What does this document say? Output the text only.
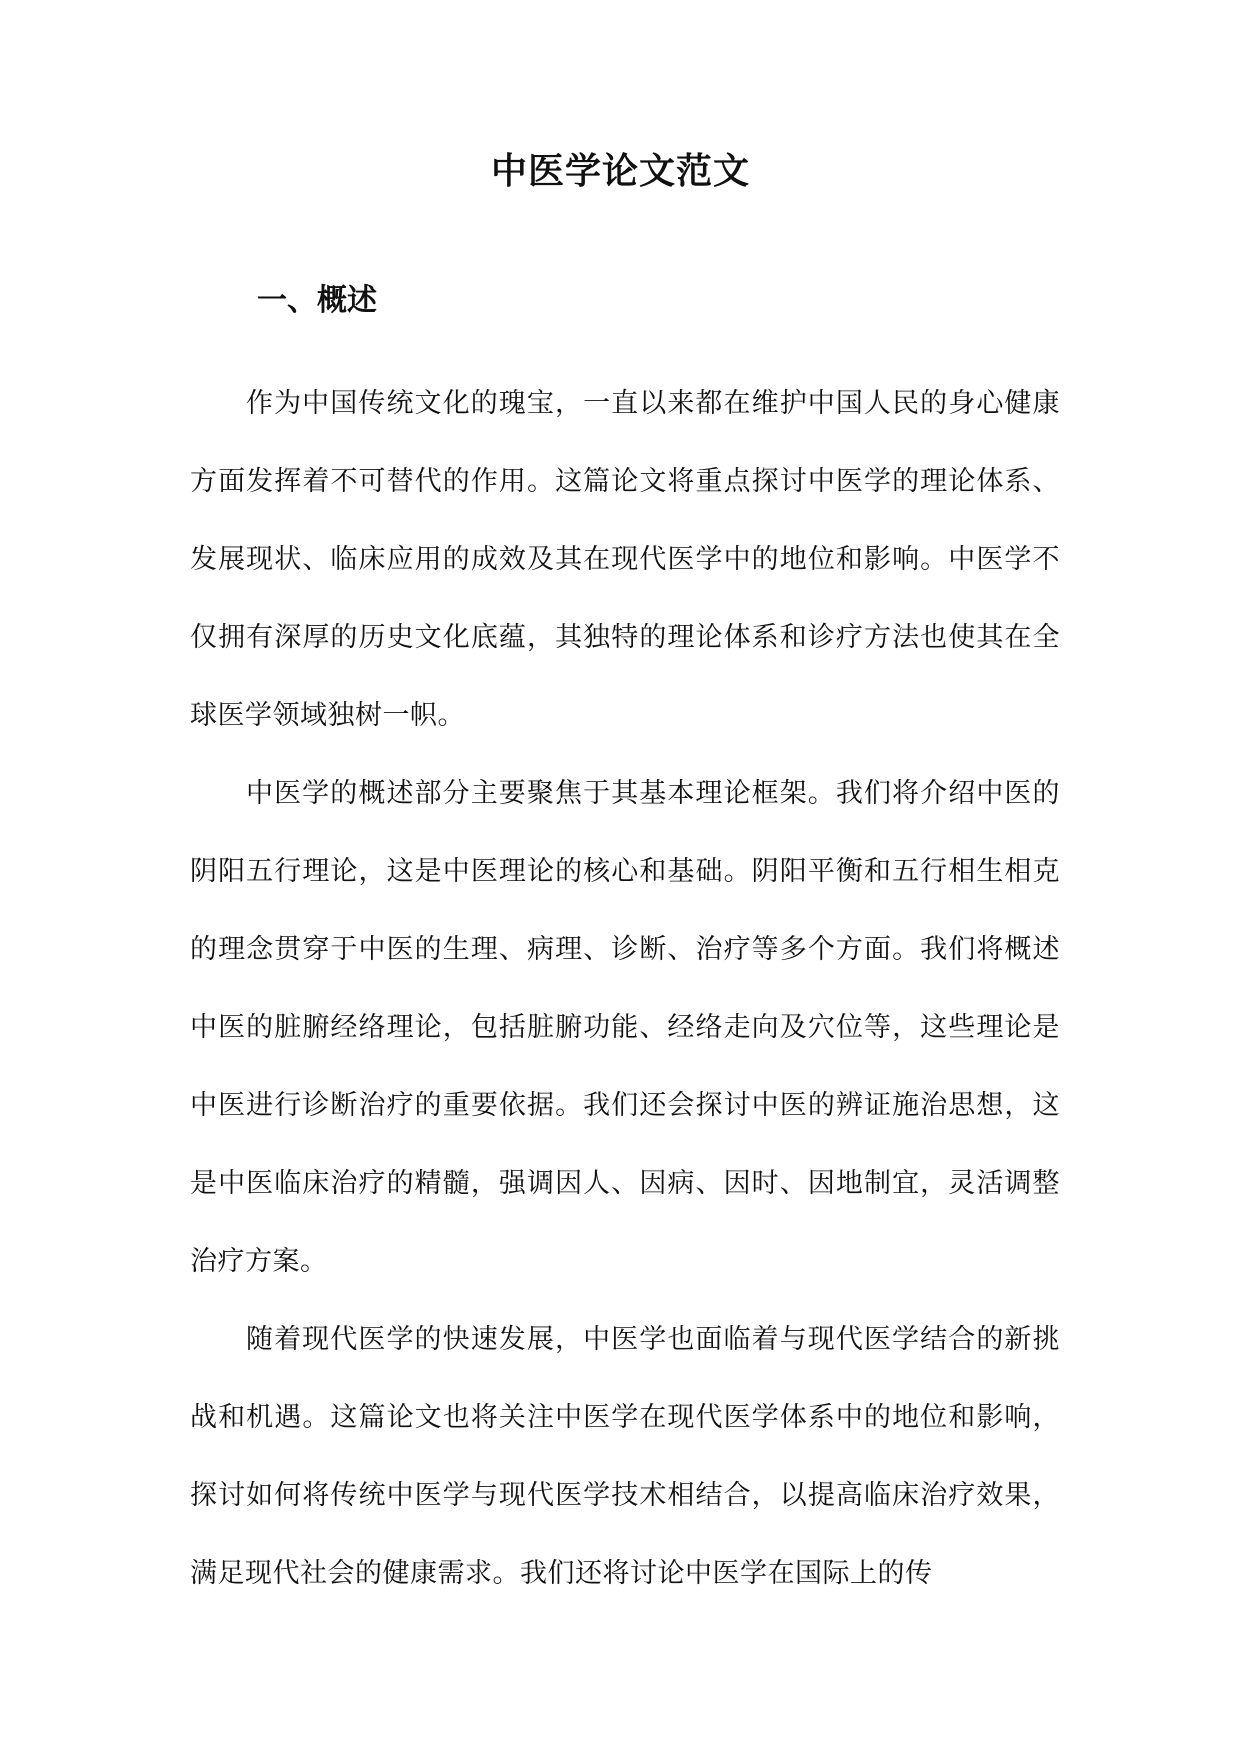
中医学论文范文
一、概述

作为中国传统文化的瑰宝，一直以来都在维护中国人民的身心健康方面发挥着不可替代的作用。这篇论文将重点探讨中医学的理论体系、发展现状、临床应用的成效及其在现代医学中的地位和影响。中医学不仅拥有深厚的历史文化底蕴，其独特的理论体系和诊疗方法也使其在全球医学领域独树一帜。

中医学的概述部分主要聚焦于其基本理论框架。我们将介绍中医的阴阳五行理论，这是中医理论的核心和基础。阴阳平衡和五行相生相克的理念贯穿于中医的生理、病理、诊断、治疗等多个方面。我们将概述中医的脏腑经络理论，包括脏腑功能、经络走向及穴位等，这些理论是中医进行诊断治疗的重要依据。我们还会探讨中医的辨证施治思想，这是中医临床治疗的精髓，强调因人、因病、因时、因地制宜，灵活调整治疗方案。

随着现代医学的快速发展，中医学也面临着与现代医学结合的新挑战和机遇。这篇论文也将关注中医学在现代医学体系中的地位和影响，探讨如何将传统中医学与现代医学技术相结合，以提高临床治疗效果，满足现代社会的健康需求。我们还将讨论中医学在国际上的传
